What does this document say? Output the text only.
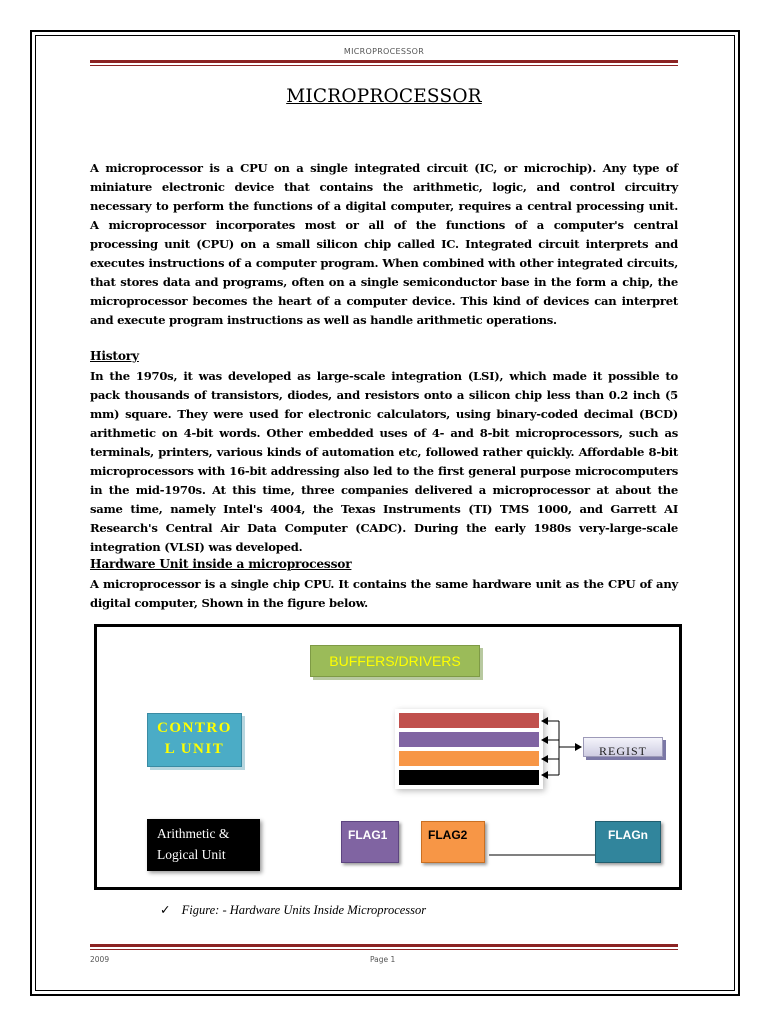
MICROPROCESSOR
MICROPROCESSOR

A microprocessor is a CPU on a single integrated circuit (IC, or microchip). Any type of miniature electronic device that contains the arithmetic, logic, and control circuitry necessary to perform the functions of a digital computer, requires a central processing unit. A microprocessor incorporates most or all of the functions of a computer's central processing unit (CPU) on a small silicon chip called IC. Integrated circuit interprets and executes instructions of a computer program. When combined with other integrated circuits, that stores data and programs, often on a single semiconductor base in the form a chip, the microprocessor becomes the heart of a computer device. This kind of devices can interpret and execute program instructions as well as handle arithmetic operations.

History

In the 1970s, it was developed as large-scale integration (LSI), which made it possible to pack thousands of transistors, diodes, and resistors onto a silicon chip less than 0.2 inch (5 mm) square. They were used for electronic calculators, using binary-coded decimal (BCD) arithmetic on 4-bit words. Other embedded uses of 4- and 8-bit microprocessors, such as terminals, printers, various kinds of automation etc, followed rather quickly. Affordable 8-bit microprocessors with 16-bit addressing also led to the first general purpose microcomputers in the mid-1970s. At this time, three companies delivered a microprocessor at about the same time, namely Intel's 4004, the Texas Instruments (TI) TMS 1000, and Garrett AI Research's Central Air Data Computer (CADC). During the early 1980s very-large-scale integration (VLSI) was developed.

Hardware Unit inside a microprocessor

A microprocessor is a single chip CPU. It contains the same hardware unit as the CPU of any digital computer, Shown in the figure below.

BUFFERS/DRIVERS
CONTRO L UNIT	REGIST
Arithmetic & Logical Unit
FLAG1	FLAG2	FLAGn
✓ Figure: - Hardware Units Inside Microprocessor
2009	Page 1
